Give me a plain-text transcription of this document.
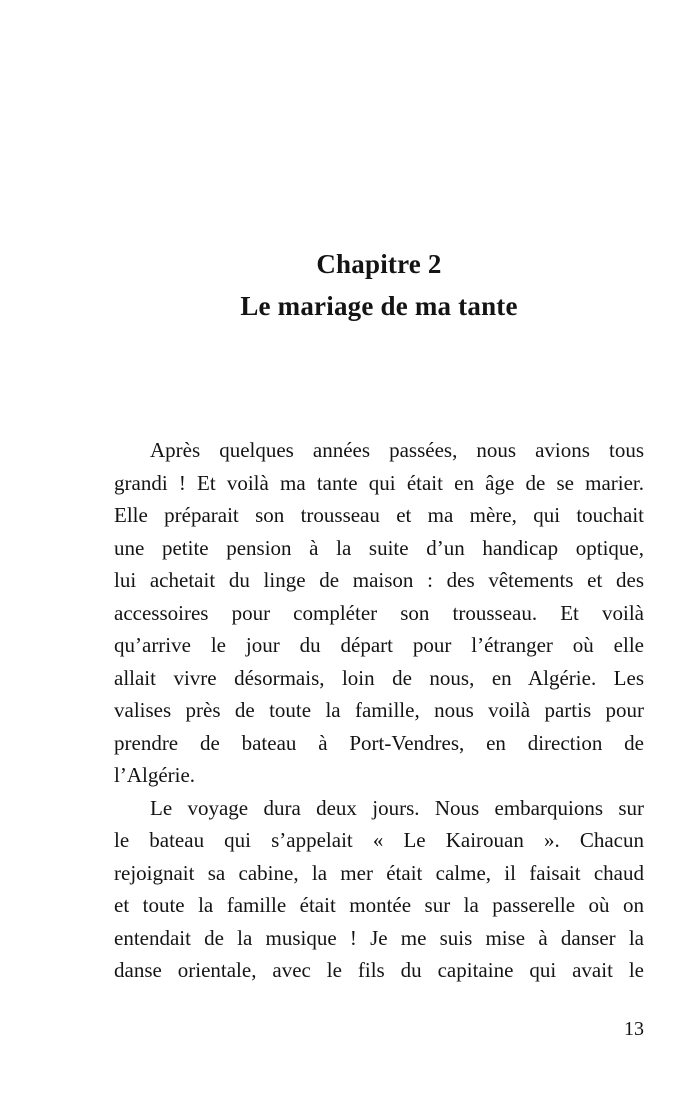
Chapitre 2
Le mariage de ma tante
Après quelques années passées, nous avions tous
grandi ! Et voilà ma tante qui était en âge de se marier.
Elle préparait son trousseau et ma mère, qui touchait
une petite pension à la suite d’un handicap optique,
lui achetait du linge de maison : des vêtements et des
accessoires pour compléter son trousseau. Et voilà
qu’arrive le jour du départ pour l’étranger où elle
allait vivre désormais, loin de nous, en Algérie. Les
valises près de toute la famille, nous voilà partis pour
prendre de bateau à Port-Vendres, en direction de
l’Algérie.
Le voyage dura deux jours. Nous embarquions sur
le bateau qui s’appelait « Le Kairouan ». Chacun
rejoignait sa cabine, la mer était calme, il faisait chaud
et toute la famille était montée sur la passerelle où on
entendait de la musique ! Je me suis mise à danser la
danse orientale, avec le fils du capitaine qui avait le
13
